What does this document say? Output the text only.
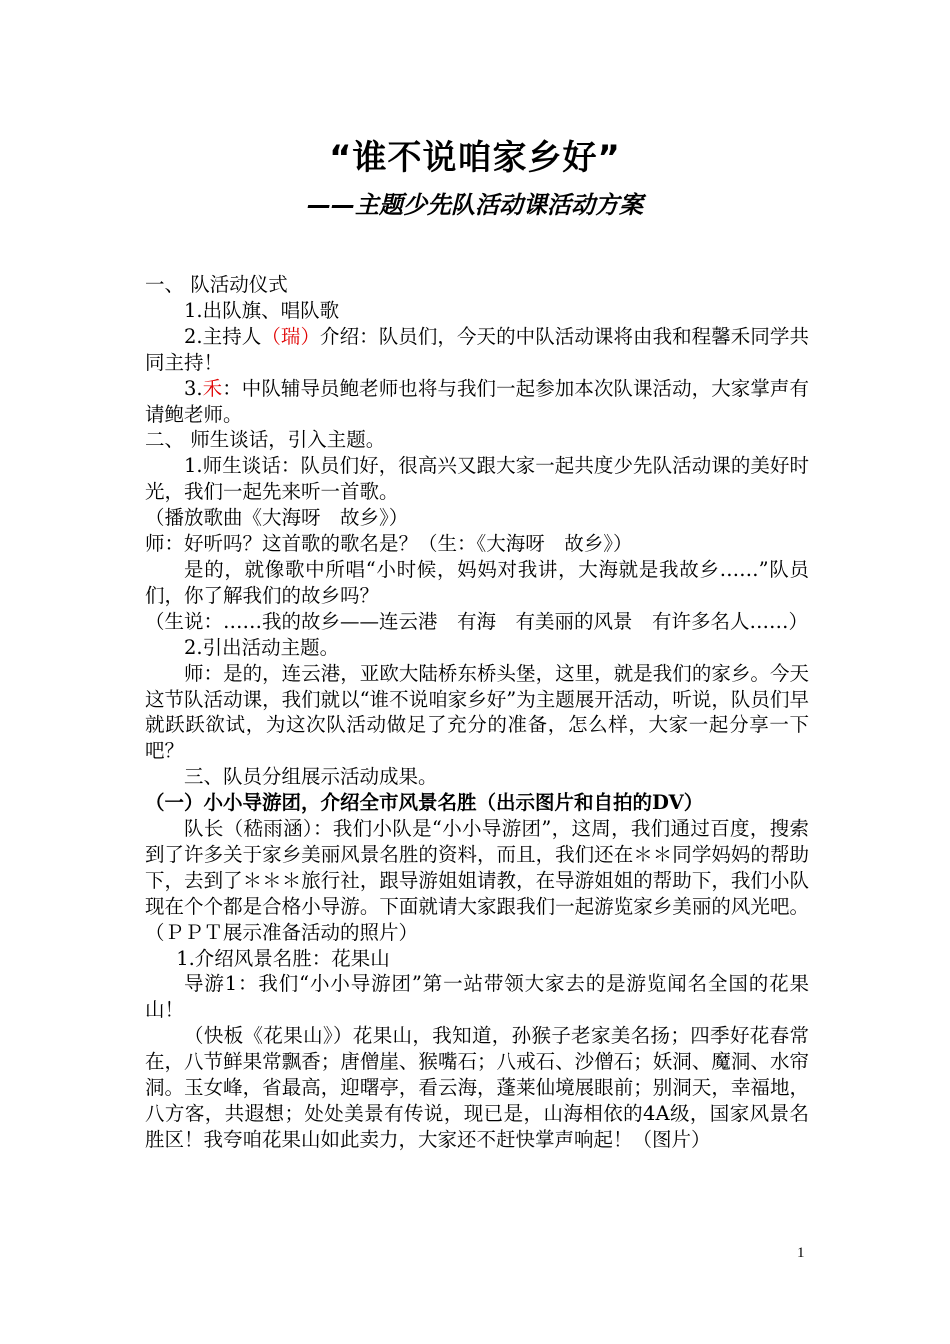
“谁不说咱家乡好”
——主题少先队活动课活动方案

一、 队活动仪式

1.出队旗、唱队歌

2.主持人（瑞）介绍：队员们，今天的中队活动课将由我和程馨禾同学共同主持！

3.禾：中队辅导员鲍老师也将与我们一起参加本次队课活动，大家掌声有请鲍老师。

二、 师生谈话，引入主题。

1.师生谈话：队员们好，很高兴又跟大家一起共度少先队活动课的美好时光，我们一起先来听一首歌。

（播放歌曲《大海呀　故乡》）

师：好听吗？这首歌的歌名是？（生：《大海呀　故乡》）

是的，就像歌中所唱“小时候，妈妈对我讲，大海就是我故乡……”队员们，你了解我们的故乡吗？

（生说：……我的故乡——连云港　有海　有美丽的风景　有许多名人……）

2.引出活动主题。

师：是的，连云港，亚欧大陆桥东桥头堡，这里，就是我们的家乡。今天这节队活动课，我们就以“谁不说咱家乡好”为主题展开活动，听说，队员们早就跃跃欲试，为这次队活动做足了充分的准备，怎么样，大家一起分享一下吧？

三、队员分组展示活动成果。

（一）小小导游团，介绍全市风景名胜（出示图片和自拍的DV）

队长（嵇雨涵）：我们小队是“小小导游团”，这周，我们通过百度，搜索到了许多关于家乡美丽风景名胜的资料，而且，我们还在＊＊同学妈妈的帮助下，去到了＊＊＊旅行社，跟导游姐姐请教，在导游姐姐的帮助下，我们小队现在个个都是合格小导游。下面就请大家跟我们一起游览家乡美丽的风光吧。（ＰＰＴ展示准备活动的照片）

1.介绍风景名胜：花果山

导游1：我们“小小导游团”第一站带领大家去的是游览闻名全国的花果山！

（快板《花果山》）花果山，我知道，孙猴子老家美名扬；四季好花春常在，八节鲜果常飘香；唐僧崖、猴嘴石；八戒石、沙僧石；妖洞、魔洞、水帘洞。玉女峰，省最高，迎曙亭，看云海，蓬莱仙境展眼前；别洞天，幸福地，八方客，共遐想；处处美景有传说，现已是，山海相依的4A级，国家风景名胜区！我夸咱花果山如此卖力，大家还不赶快掌声响起！（图片）

1
